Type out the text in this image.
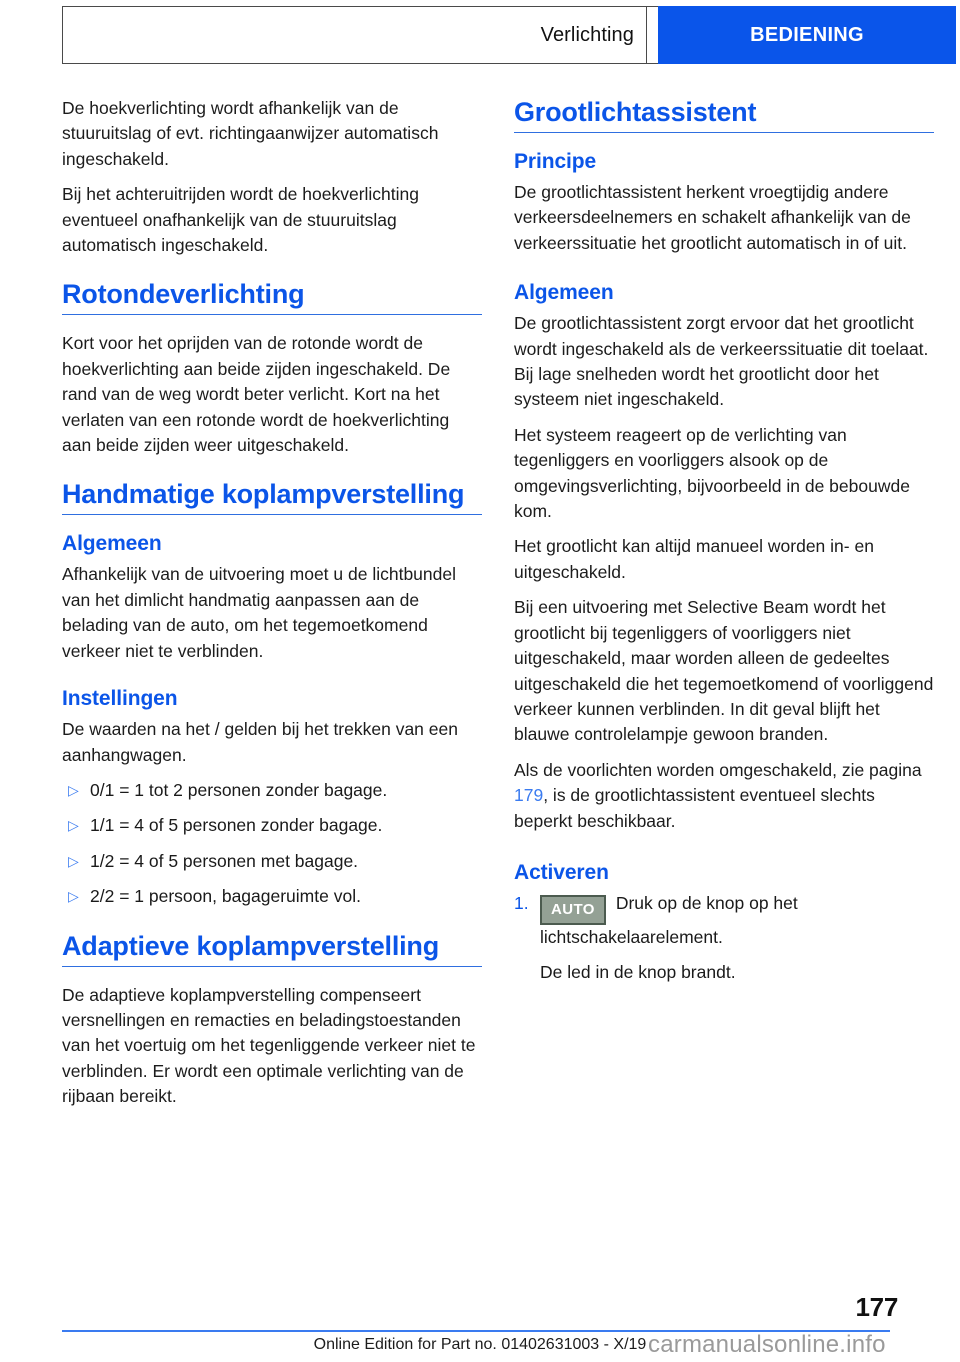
Verlichting	BEDIENING

De hoekverlichting wordt afhankelijk van de stuuruitslag of evt. richtingaanwijzer automatisch ingeschakeld.

Bij het achteruitrijden wordt de hoekverlichting eventueel onafhankelijk van de stuuruitslag automatisch ingeschakeld.

Rotondeverlichting

Kort voor het oprijden van de rotonde wordt de hoekverlichting aan beide zijden ingeschakeld. De rand van de weg wordt beter verlicht. Kort na het verlaten van een rotonde wordt de hoekverlichting aan beide zijden weer uitgeschakeld.

Handmatige koplampverstelling
Algemeen

Afhankelijk van de uitvoering moet u de lichtbundel van het dimlicht handmatig aanpassen aan de belading van de auto, om het tegemoetkomend verkeer niet te verblinden.

Instellingen

De waarden na het / gelden bij het trekken van een aanhangwagen.

▷ 0/1 = 1 tot 2 personen zonder bagage.
▷ 1/1 = 4 of 5 personen zonder bagage.
▷ 1/2 = 4 of 5 personen met bagage.
▷ 2/2 = 1 persoon, bagageruimte vol.
Adaptieve koplampverstelling

De adaptieve koplampverstelling compenseert versnellingen en remacties en beladingstoestanden van het voertuig om het tegenliggende verkeer niet te verblinden. Er wordt een optimale verlichting van de rijbaan bereikt.

Grootlichtassistent
Principe

De grootlichtassistent herkent vroegtijdig andere verkeersdeelnemers en schakelt afhankelijk van de verkeerssituatie het grootlicht automatisch in of uit.

Algemeen

De grootlichtassistent zorgt ervoor dat het grootlicht wordt ingeschakeld als de verkeerssituatie dit toelaat. Bij lage snelheden wordt het grootlicht door het systeem niet ingeschakeld.

Het systeem reageert op de verlichting van tegenliggers en voorliggers alsook op de omgevingsverlichting, bijvoorbeeld in de bebouwde kom.

Het grootlicht kan altijd manueel worden in- en uitgeschakeld.

Bij een uitvoering met Selective Beam wordt het grootlicht bij tegenliggers of voorliggers niet uitgeschakeld, maar worden alleen de gedeeltes uitgeschakeld die het tegemoetkomend of voorliggend verkeer kunnen verblinden. In dit geval blijft het blauwe controlelampje gewoon branden.

Als de voorlichten worden omgeschakeld, zie pagina 179, is de grootlichtassistent eventueel slechts beperkt beschikbaar.

Activeren
1.	AUTO Druk op de knop op het lichtschakelaarelement.
De led in de knop brandt.
177
Online Edition for Part no. 01402631003 - X/19 carmanualsonline.info
